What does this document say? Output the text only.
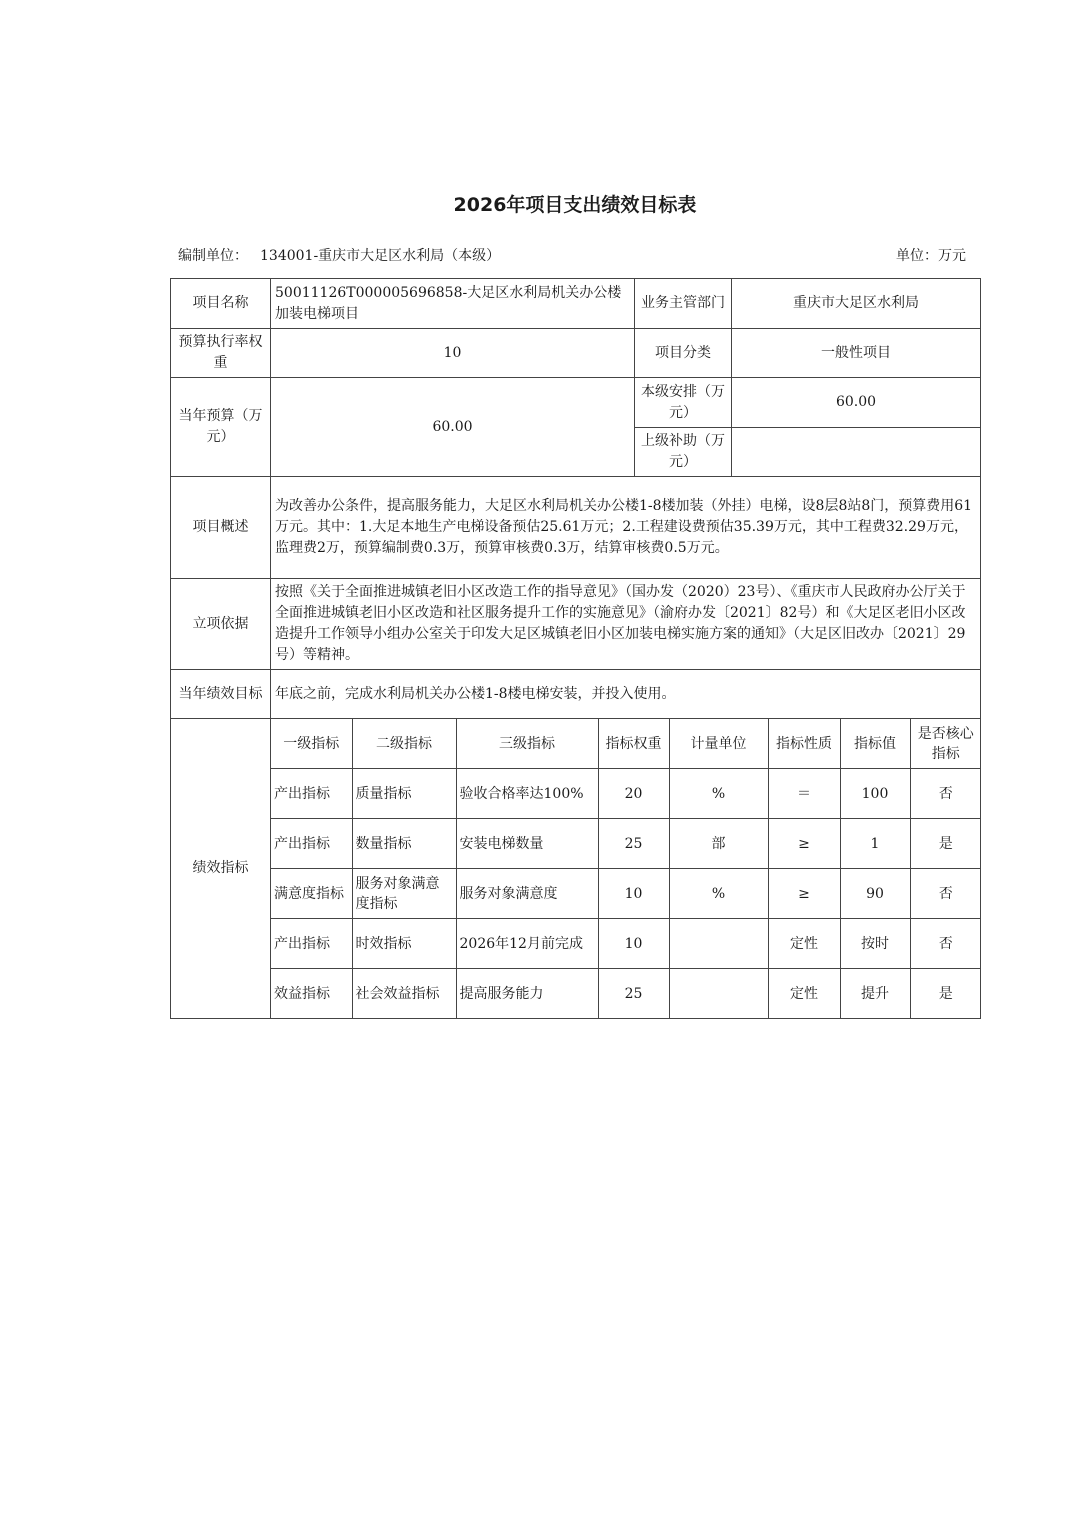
2026年项目支出绩效目标表
编制单位： 134001-重庆市大足区水利局（本级）	单位：万元
项目名称	50011126T000005696858-大足区水利局机关办公楼加装电梯项目	业务主管部门	重庆市大足区水利局
预算执行率权重	10	项目分类	一般性项目
当年预算（万元）	60.00	本级安排（万元）	60.00
上级补助（万元）	
项目概述	为改善办公条件，提高服务能力，大足区水利局机关办公楼1-8楼加装（外挂）电梯，设8层8站8门，预算费用61万元。其中：1.大足本地生产电梯设备预估25.61万元；2.工程建设费预估35.39万元，其中工程费32.29万元，监理费2万，预算编制费0.3万，预算审核费0.3万，结算审核费0.5万元。
立项依据	按照《关于全面推进城镇老旧小区改造工作的指导意见》（国办发（2020）23号）、《重庆市人民政府办公厅关于全面推进城镇老旧小区改造和社区服务提升工作的实施意见》（渝府办发〔2021〕82号）和《大足区老旧小区改造提升工作领导小组办公室关于印发大足区城镇老旧小区加装电梯实施方案的通知》（大足区旧改办〔2021〕29号）等精神。
当年绩效目标	年底之前，完成水利局机关办公楼1-8楼电梯安装，并投入使用。
绩效指标	
一级指标	二级指标	三级指标	指标权重	计量单位	指标性质	指标值	是否核心指标
产出指标	质量指标	验收合格率达100%	20	%	＝	100	否
产出指标	数量指标	安装电梯数量	25	部	≥	1	是
满意度指标	服务对象满意度指标	服务对象满意度	10	%	≥	90	否
产出指标	时效指标	2026年12月前完成	10		定性	按时	否
效益指标	社会效益指标	提高服务能力	25		定性	提升	是
